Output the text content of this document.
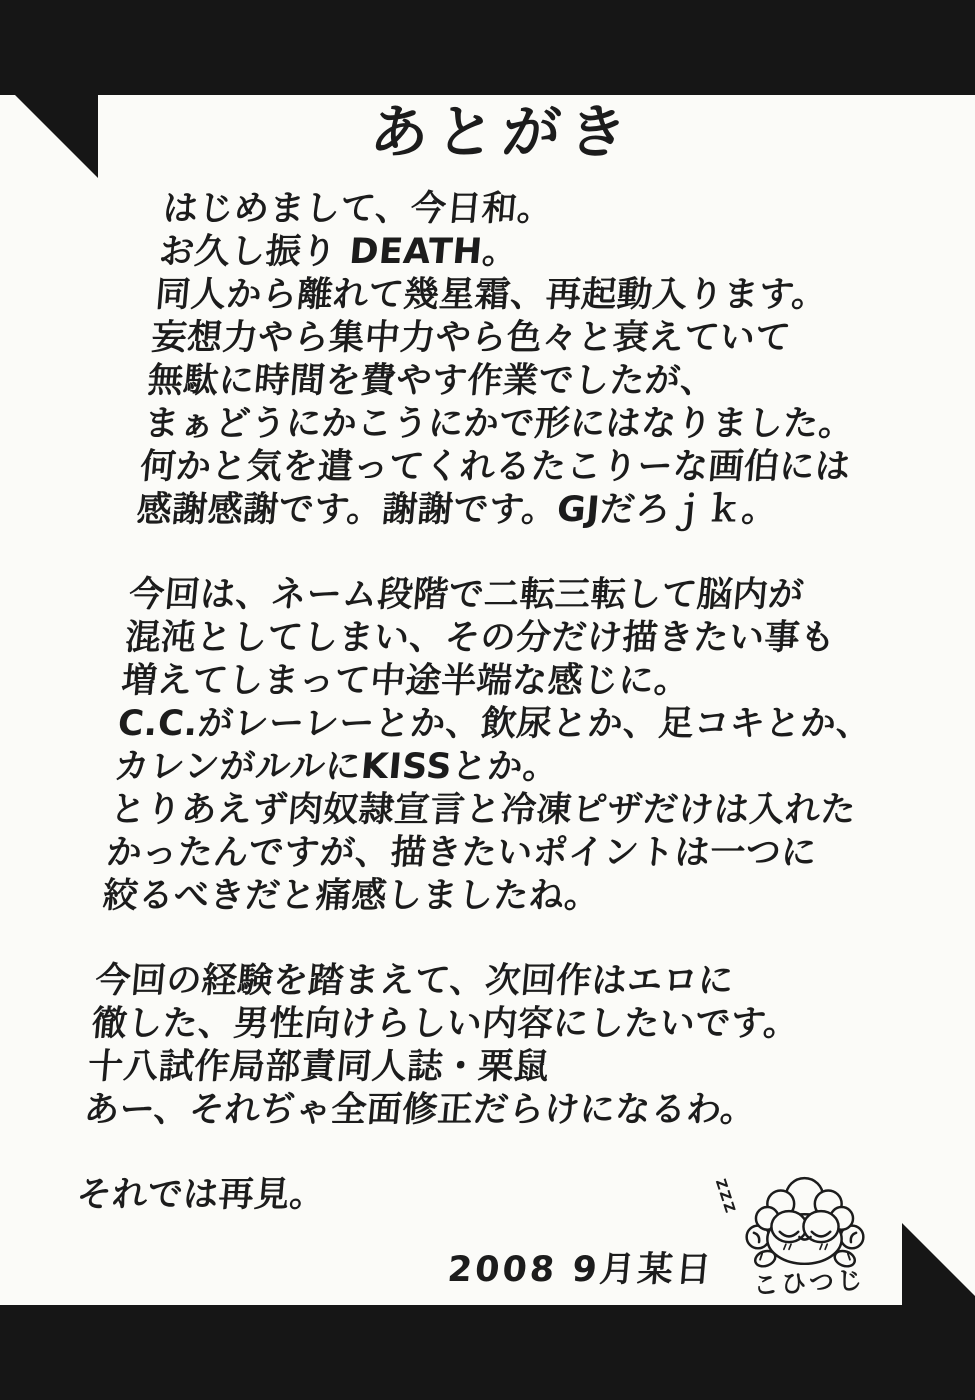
あとがき
はじめまして、今日和。
お久し振り DEATH。
同人から離れて幾星霜、再起動入ります。
妄想力やら集中力やら色々と衰えていて
無駄に時間を費やす作業でしたが、
まぁどうにかこうにかで形にはなりました。
何かと気を遣ってくれるたこりーな画伯には
感謝感謝です。謝謝です。GJだろｊｋ。
今回は、ネーム段階で二転三転して脳内が
混沌としてしまい、その分だけ描きたい事も
増えてしまって中途半端な感じに。
C.C.がレーレーとか、飲尿とか、足コキとか、
カレンがルルにKISSとか。
とりあえず肉奴隷宣言と冷凍ピザだけは入れた
かったんですが、描きたいポイントは一つに
絞るべきだと痛感しましたね。
今回の経験を踏まえて、次回作はエロに
徹した、男性向けらしい内容にしたいです。
十八試作局部責同人誌・栗鼠
あー、それぢゃ全面修正だらけになるわ。
それでは再見。
2008 9月某日
ZZZ
こひつじ
